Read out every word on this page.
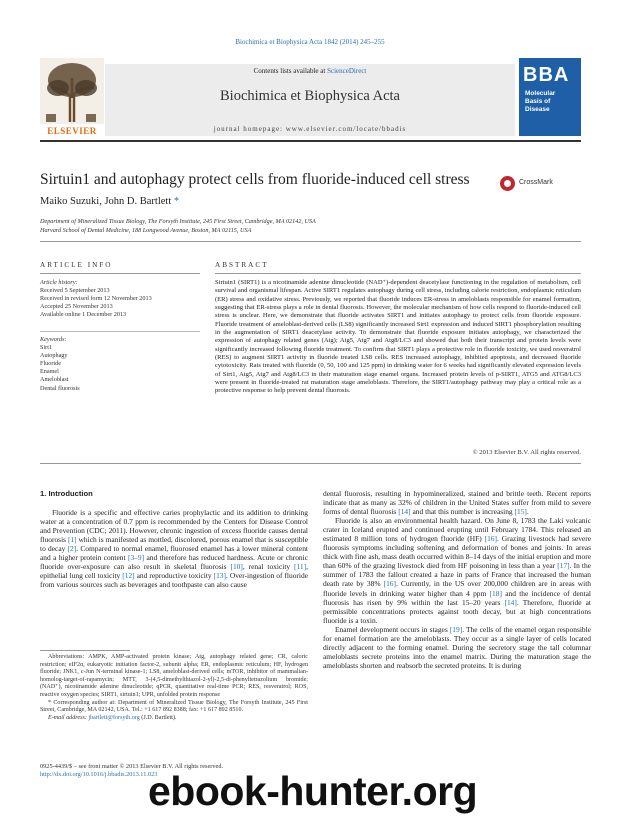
Biochimica et Biophysica Acta 1842 (2014) 245–255
Contents lists available at ScienceDirect
Biochimica et Biophysica Acta
journal homepage: www.elsevier.com/locate/bbadis
ELSEVIER
BBA
Molecular
Basis of
Disease
Sirtuin1 and autophagy protect cells from fluoride-induced cell stress	CrossMark
Maiko Suzuki, John D. Bartlett *
Department of Mineralized Tissue Biology, The Forsyth Institute, 245 First Street, Cambridge, MA 02142, USA
Harvard School of Dental Medicine, 188 Longwood Avenue, Boston, MA 02115, USA
ARTICLE INFO	ABSTRACT
Article history:
Received 5 September 2013
Received in revised form 12 November 2013
Accepted 25 November 2013
Available online 1 December 2013
Keywords:
Sirt1
Autophagy
Fluoride
Enamel
Ameloblast
Dental fluorosis
Sirtuin1 (SIRT1) is a nicotinamide adenine dinucleotide (NAD⁺)-dependent deacetylase functioning in the regulation of metabolism, cell survival and organismal lifespan. Active SIRT1 regulates autophagy during cell stress, including calorie restriction, endoplasmic reticulum (ER) stress and oxidative stress. Previously, we reported that fluoride induces ER-stress in ameloblasts responsible for enamel formation, suggesting that ER-stress plays a role in dental fluorosis. However, the molecular mechanism of how cells respond to fluoride-induced cell stress is unclear. Here, we demonstrate that fluoride activates SIRT1 and initiates autophagy to protect cells from fluoride exposure. Fluoride treatment of ameloblast-derived cells (LS8) significantly increased Sirt1 expression and induced SIRT1 phosphorylation resulting in the augmentation of SIRT1 deacetylase activity. To demonstrate that fluoride exposure initiates autophagy, we characterized the expression of autophagy related genes (Atg); Atg5, Atg7 and Atg8/LC3 and showed that both their transcript and protein levels were significantly increased following fluoride treatment. To confirm that SIRT1 plays a protective role in fluoride toxicity, we used resveratrol (RES) to augment SIRT1 activity in fluoride treated LS8 cells. RES increased autophagy, inhibited apoptosis, and decreased fluoride cytotoxicity. Rats treated with fluoride (0, 50, 100 and 125 ppm) in drinking water for 6 weeks had significantly elevated expression levels of Sirt1, Atg5, Atg7 and Atg8/LC3 in their maturation stage enamel organs. Increased protein levels of p-SIRT1, ATG5 and ATG8/LC3 were present in fluoride-treated rat maturation stage ameloblasts. Therefore, the SIRT1/autophagy pathway may play a critical role as a protective response to help prevent dental fluorosis.
© 2013 Elsevier B.V. All rights reserved.
1. Introduction

Fluoride is a specific and effective caries prophylactic and its addition to drinking water at a concentration of 0.7 ppm is recommended by the Centers for Disease Control and Prevention (CDC; 2011). However, chronic ingestion of excess fluoride causes dental fluorosis [1] which is manifested as mottled, discolored, porous enamel that is susceptible to decay [2]. Compared to normal enamel, fluorosed enamel has a lower mineral content and a higher protein content [3–9] and therefore has reduced hardness. Acute or chronic fluoride over-exposure can also result in skeletal fluorosis [10], renal toxicity [11], epithelial lung cell toxicity [12] and reproductive toxicity [13]. Over-ingestion of fluoride from various sources such as beverages and toothpaste can also cause

Abbreviations: AMPK, AMP-activated protein kinase; Atg, autophagy related gene; CR, caloric restriction; eIF2α, eukaryotic initiation factor-2, subunit alpha; ER, endoplasmic reticulum; HF, hydrogen fluoride; JNK1, c-Jun N-terminal kinase-1; LS8, ameloblast-derived cells; mTOR, inhibitor of mammalian-homolog-target-of-rapamycin; MTT, 3-(4,5-dimethylthiazol-2-yl)-2,5-di-phenyltetrazolium bromide; (NAD⁺), nicotinamide adenine dinucleotide; qPCR, quantitative real-time PCR; RES, resveratrol; ROS, reactive oxygen species; SIRT1, sirtuin1; UPR, unfolded protein response

* Corresponding author at: Department of Mineralized Tissue Biology, The Forsyth Institute, 245 First Street, Cambridge, MA 02142, USA. Tel.: +1 617 892 8388; fax: +1 617 892 8510.

E-mail address: jbartlett@forsyth.org (J.D. Bartlett).

dental fluorosis, resulting in hypomineralized, stained and brittle teeth. Recent reports indicate that as many as 32% of children in the United States suffer from mild to severe forms of dental fluorosis [14] and that this number is increasing [15].

Fluoride is also an environmental health hazard. On June 8, 1783 the Laki volcanic crater in Iceland erupted and continued erupting until February 1784. This released an estimated 8 million tons of hydrogen fluoride (HF) [16]. Grazing livestock had severe fluorosis symptoms including softening and deformation of bones and joints. In areas thick with fine ash, mass death occurred within 8–14 days of the initial eruption and more than 60% of the grazing livestock died from HF poisoning in less than a year [17]. In the summer of 1783 the fallout created a haze in parts of France that increased the human death rate by 38% [16]. Currently, in the US over 200,000 children are in areas with fluoride levels in drinking water higher than 4 ppm [18] and the incidence of dental fluorosis has risen by 9% within the last 15–20 years [14]. Therefore, fluoride at permissible concentrations protects against tooth decay, but at high concentrations fluoride is a toxin.

Enamel development occurs in stages [19]. The cells of the enamel organ responsible for enamel formation are the ameloblasts. They occur as a single layer of cells located directly adjacent to the forming enamel. During the secretory stage the tall columnar ameloblasts secrete proteins into the enamel matrix. During the maturation stage the ameloblasts shorten and reabsorb the secreted proteins. It is during

0925-4439/$ – see front matter © 2013 Elsevier B.V. All rights reserved.
http://dx.doi.org/10.1016/j.bbadis.2013.11.023
ebook-hunter.org
